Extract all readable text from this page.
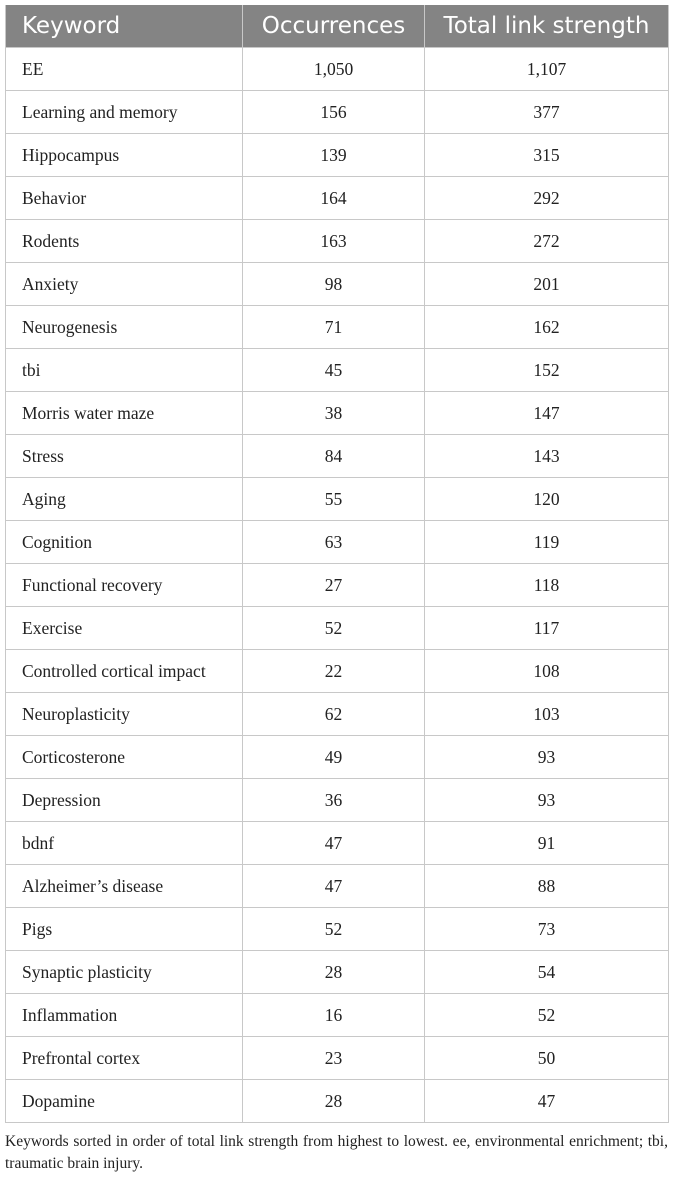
Keyword	Occurrences	Total link strength
EE	1,050	1,107
Learning and memory	156	377
Hippocampus	139	315
Behavior	164	292
Rodents	163	272
Anxiety	98	201
Neurogenesis	71	162
tbi	45	152
Morris water maze	38	147
Stress	84	143
Aging	55	120
Cognition	63	119
Functional recovery	27	118
Exercise	52	117
Controlled cortical impact	22	108
Neuroplasticity	62	103
Corticosterone	49	93
Depression	36	93
bdnf	47	91
Alzheimer’s disease	47	88
Pigs	52	73
Synaptic plasticity	28	54
Inflammation	16	52
Prefrontal cortex	23	50
Dopamine	28	47
Keywords sorted in order of total link strength from highest to lowest. ee, environmental enrichment; tbi, traumatic brain injury.
